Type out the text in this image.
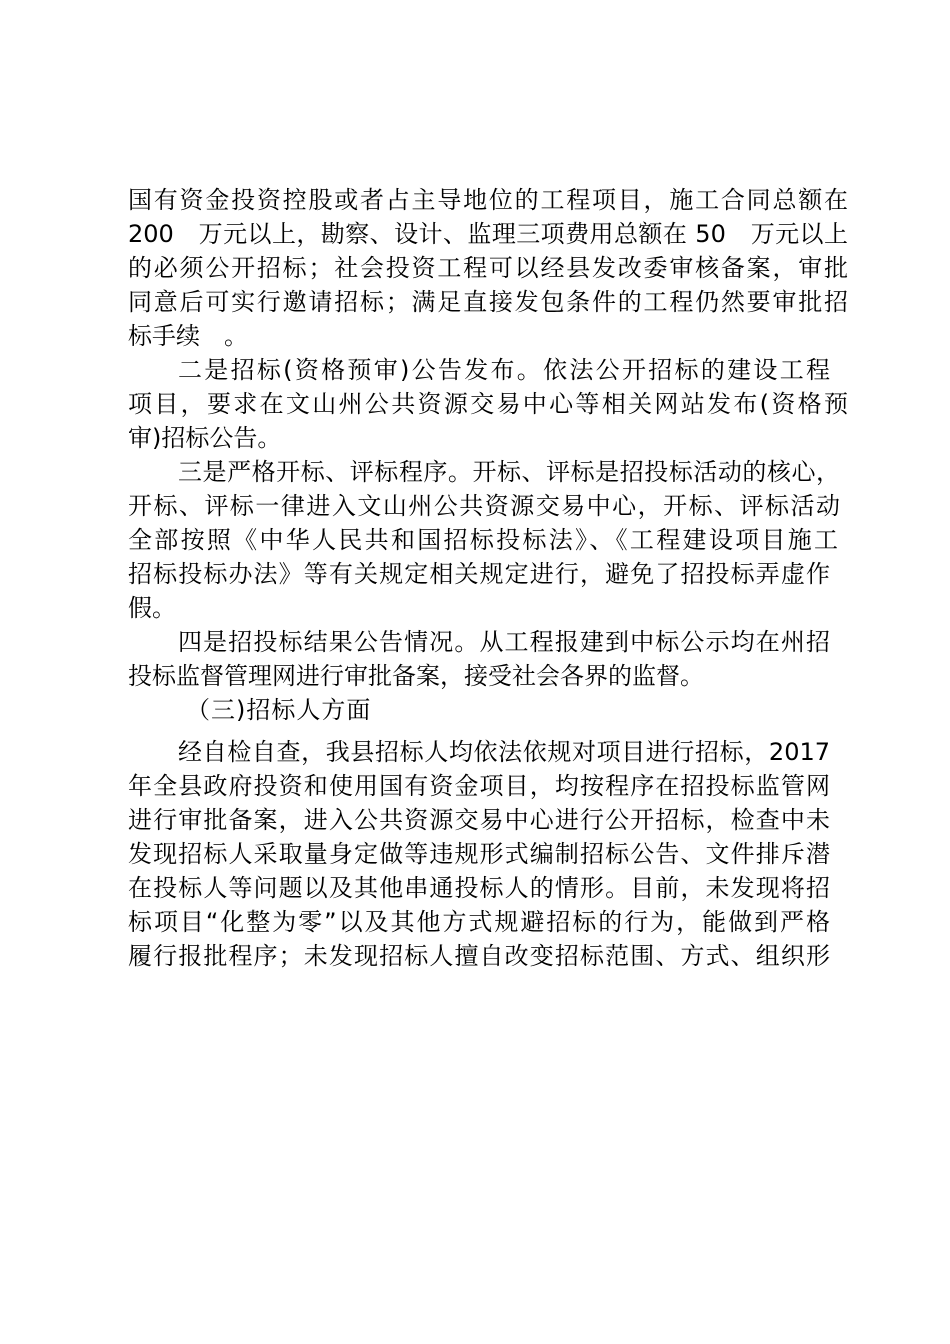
国有资金投资控股或者占主导地位的工程项目，施工合同总额在
200　万元以上，勘察、设计、监理三项费用总额在 50　万元以上
的必须公开招标；社会投资工程可以经县发改委审核备案，审批
同意后可实行邀请招标；满足直接发包条件的工程仍然要审批招
标手续　。
二是招标(资格预审)公告发布。依法公开招标的建设工程
项目，要求在文山州公共资源交易中心等相关网站发布(资格预
审)招标公告。
三是严格开标、评标程序。开标、评标是招投标活动的核心，
开标、评标一律进入文山州公共资源交易中心，开标、评标活动
全部按照《中华人民共和国招标投标法》、《工程建设项目施工
招标投标办法》等有关规定相关规定进行，避免了招投标弄虚作
假。
四是招投标结果公告情况。从工程报建到中标公示均在州招
投标监督管理网进行审批备案，接受社会各界的监督。
（三)招标人方面
经自检自查，我县招标人均依法依规对项目进行招标，2017
年全县政府投资和使用国有资金项目，均按程序在招投标监管网
进行审批备案，进入公共资源交易中心进行公开招标，检查中未
发现招标人采取量身定做等违规形式编制招标公告、文件排斥潜
在投标人等问题以及其他串通投标人的情形。目前，未发现将招
标项目“化整为零”以及其他方式规避招标的行为，能做到严格
履行报批程序；未发现招标人擅自改变招标范围、方式、组织形
